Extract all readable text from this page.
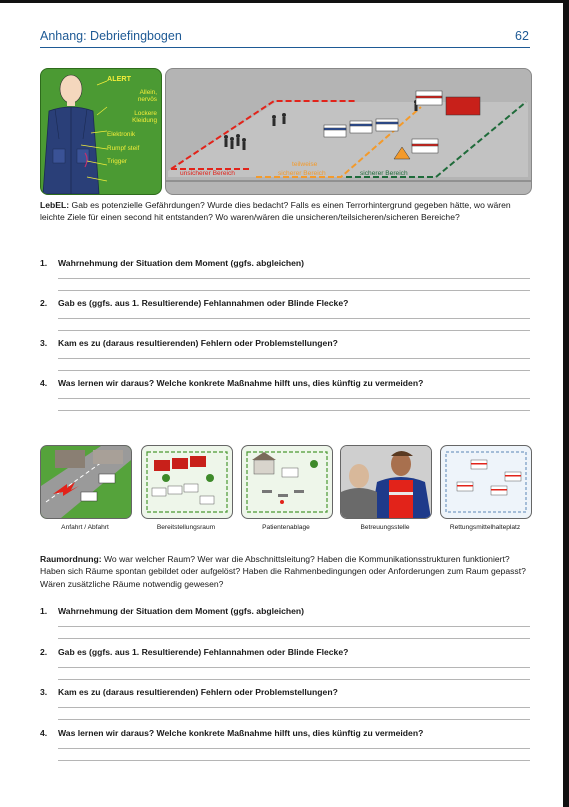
Anhang: Debriefingbogen	62
ALERT
Allein,
nervös
Lockere
Kleidung
Elektronik
Rumpf steif
Trigger
unsicherer Bereich
teilweise
sicherer Bereich	sicherer Bereich
LebEL: Gab es potenzielle Gefährdungen? Wurde dies bedacht? Falls es einen Terrorhintergrund gegeben hätte, wo wären leichte Ziele für einen second hit entstanden? Wo waren/wären die unsicheren/teilsicheren/sicheren Bereiche?
1. Wahrnehmung der Situation dem Moment (ggfs. abgleichen)
2. Gab es (ggfs. aus 1. Resultierende) Fehlannahmen oder Blinde Flecke?
3. Kam es zu (daraus resultierenden) Fehlern oder Problemstellungen?
4. Was lernen wir daraus? Welche konkrete Maßnahme hilft uns, dies künftig zu vermeiden?
Anfahrt / Abfahrt	Bereitstellungsraum	Patientenablage	Betreuungsstelle	Rettungsmittelhalteplatz
Raumordnung: Wo war welcher Raum? Wer war die Abschnittsleitung? Haben die Kommunikationsstrukturen funktioniert? Haben sich Räume spontan gebildet oder aufgelöst? Haben die Rahmenbedingungen oder Anforderungen zum Raum gepasst? Wären zusätzliche Räume notwendig gewesen?
1. Wahrnehmung der Situation dem Moment (ggfs. abgleichen)
2. Gab es (ggfs. aus 1. Resultierende) Fehlannahmen oder Blinde Flecke?
3. Kam es zu (daraus resultierenden) Fehlern oder Problemstellungen?
4. Was lernen wir daraus? Welche konkrete Maßnahme hilft uns, dies künftig zu vermeiden?
